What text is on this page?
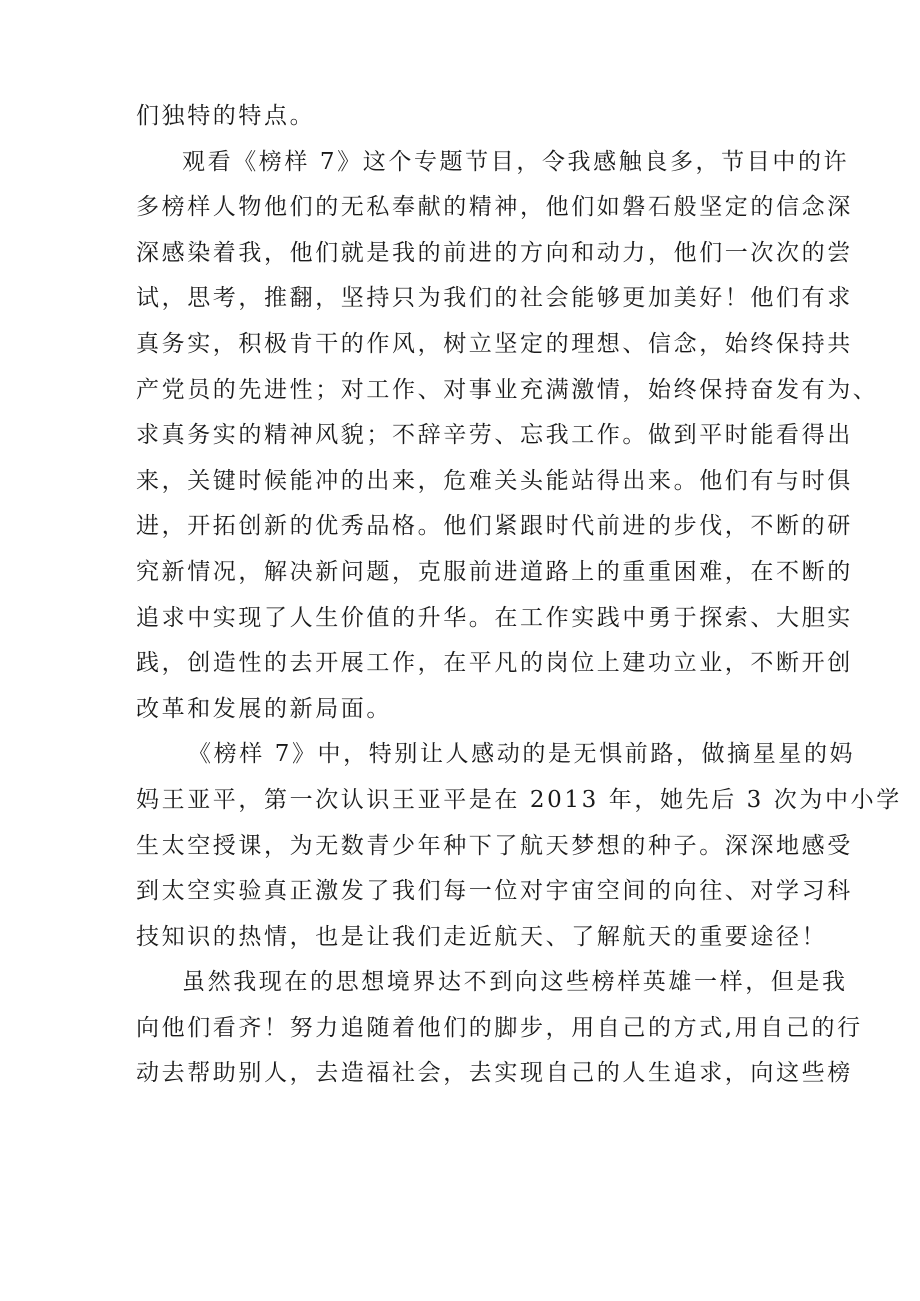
们独特的特点。
观看《榜样 7》这个专题节目，令我感触良多，节目中的许
多榜样人物他们的无私奉献的精神，他们如磐石般坚定的信念深
深感染着我，他们就是我的前进的方向和动力，他们一次次的尝
试，思考，推翻，坚持只为我们的社会能够更加美好！他们有求
真务实，积极肯干的作风，树立坚定的理想、信念，始终保持共
产党员的先进性；对工作、对事业充满激情，始终保持奋发有为、
求真务实的精神风貌；不辞辛劳、忘我工作。做到平时能看得出
来，关键时候能冲的出来，危难关头能站得出来。他们有与时俱
进，开拓创新的优秀品格。他们紧跟时代前进的步伐，不断的研
究新情况，解决新问题，克服前进道路上的重重困难，在不断的
追求中实现了人生价值的升华。在工作实践中勇于探索、大胆实
践，创造性的去开展工作，在平凡的岗位上建功立业，不断开创
改革和发展的新局面。
《榜样 7》中，特别让人感动的是无惧前路，做摘星星的妈
妈王亚平，第一次认识王亚平是在 2013 年，她先后 3 次为中小学
生太空授课，为无数青少年种下了航天梦想的种子。深深地感受
到太空实验真正激发了我们每一位对宇宙空间的向往、对学习科
技知识的热情，也是让我们走近航天、了解航天的重要途径！
虽然我现在的思想境界达不到向这些榜样英雄一样，但是我
向他们看齐！努力追随着他们的脚步，用自己的方式,用自己的行
动去帮助别人，去造福社会，去实现自己的人生追求，向这些榜
